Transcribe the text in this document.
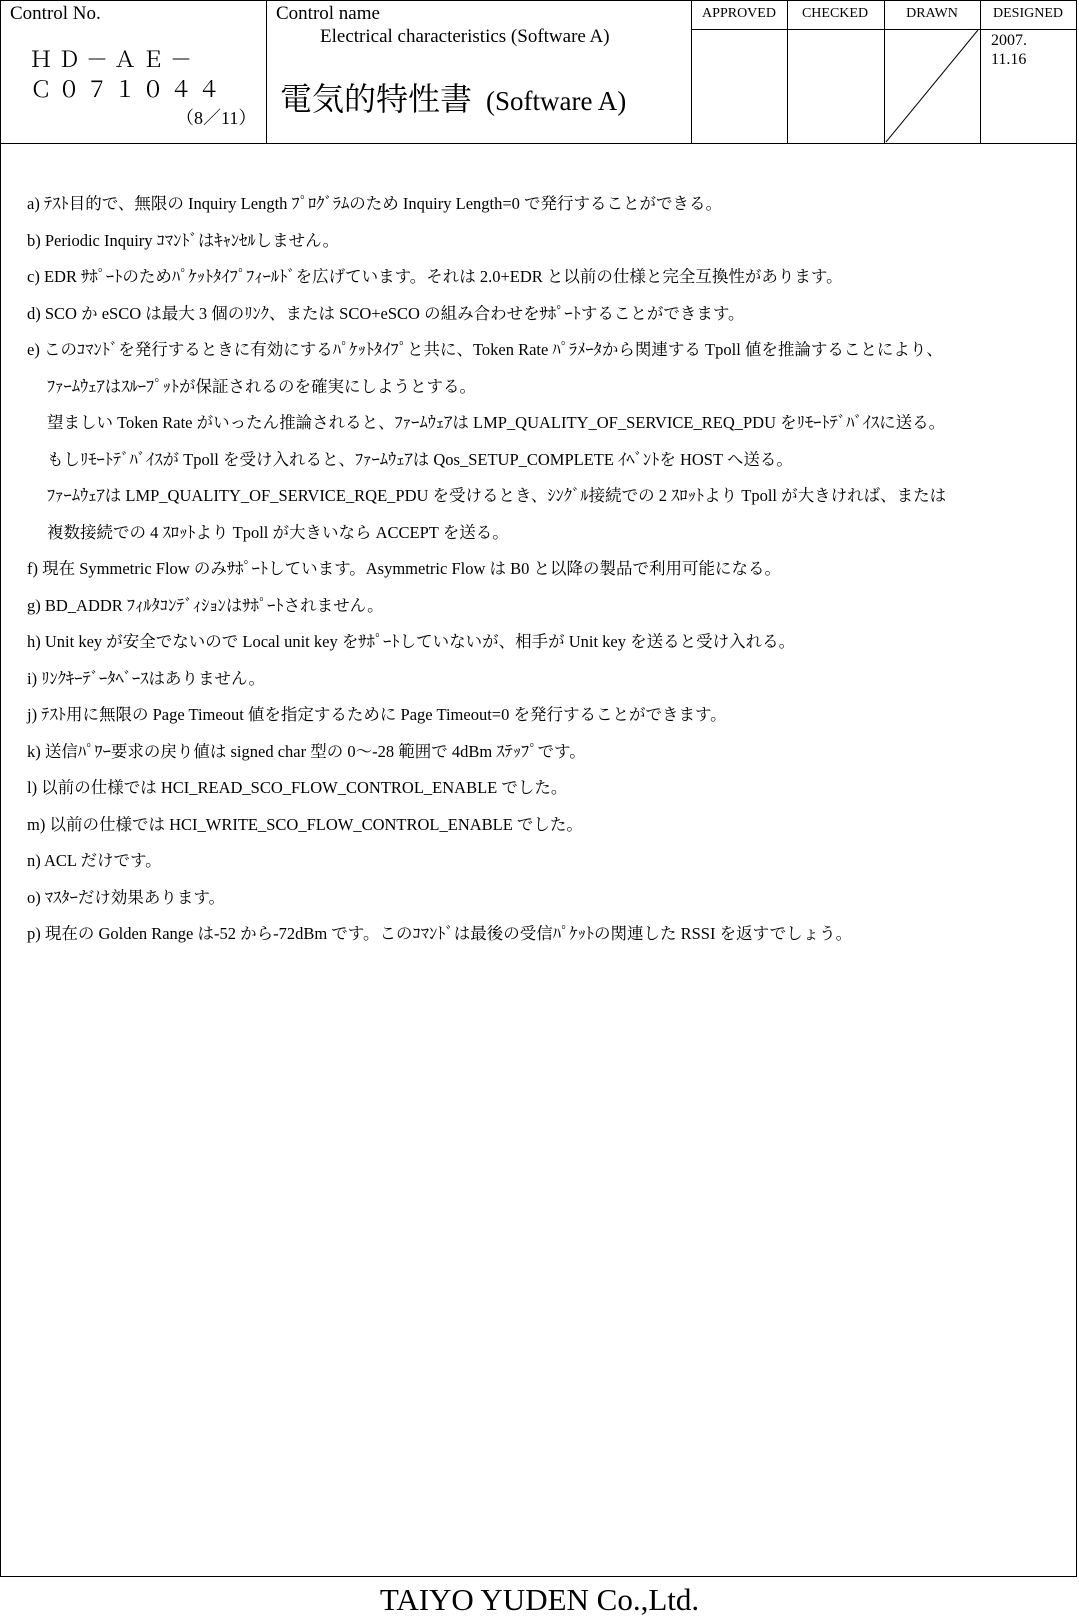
Control No.
ＨＤ－ＡＥ－
Ｃ０７１０４４
（8／11）
Control name
Electrical characteristics (Software A)
電気的特性書 (Software A)
APPROVED	CHECKED	DRAWN	DESIGNED
2007.
11.16
a) ﾃｽﾄ目的で、無限の Inquiry Length ﾌﾟﾛｸﾞﾗﾑのため Inquiry Length=0 で発行することができる。
b) Periodic Inquiry ｺﾏﾝﾄﾞはｷｬﾝｾﾙしません。
c) EDR ｻﾎﾟｰﾄのためﾊﾟｹｯﾄﾀｲﾌﾟﾌｨｰﾙﾄﾞを広げています。それは 2.0+EDR と以前の仕様と完全互換性があります。
d) SCO か eSCO は最大 3 個のﾘﾝｸ、または SCO+eSCO の組み合わせをｻﾎﾟｰﾄすることができます。
e) このｺﾏﾝﾄﾞを発行するときに有効にするﾊﾟｹｯﾄﾀｲﾌﾟと共に、Token Rate ﾊﾟﾗﾒｰﾀから関連する Tpoll 値を推論することにより、
ﾌｧｰﾑｳｪｱはｽﾙｰﾌﾟｯﾄが保証されるのを確実にしようとする。
望ましい Token Rate がいったん推論されると、ﾌｧｰﾑｳｪｱは LMP_QUALITY_OF_SERVICE_REQ_PDU をﾘﾓｰﾄﾃﾞﾊﾞｲｽに送る。
もしﾘﾓｰﾄﾃﾞﾊﾞｲｽが Tpoll を受け入れると、ﾌｧｰﾑｳｪｱは Qos_SETUP_COMPLETE ｲﾍﾞﾝﾄを HOST へ送る。
ﾌｧｰﾑｳｪｱは LMP_QUALITY_OF_SERVICE_RQE_PDU を受けるとき、ｼﾝｸﾞﾙ接続での 2 ｽﾛｯﾄより Tpoll が大きければ、または
複数接続での 4 ｽﾛｯﾄより Tpoll が大きいなら ACCEPT を送る。
f) 現在 Symmetric Flow のみｻﾎﾟｰﾄしています。Asymmetric Flow は B0 と以降の製品で利用可能になる。
g) BD_ADDR ﾌｨﾙﾀｺﾝﾃﾞｨｼｮﾝはｻﾎﾟｰﾄされません。
h) Unit key が安全でないので Local unit key をｻﾎﾟｰﾄしていないが、相手が Unit key を送ると受け入れる。
i) ﾘﾝｸｷｰﾃﾞｰﾀﾍﾞｰｽはありません。
j) ﾃｽﾄ用に無限の Page Timeout 値を指定するために Page Timeout=0 を発行することができます。
k) 送信ﾊﾟﾜｰ要求の戻り値は signed char 型の 0～-28 範囲で 4dBm ｽﾃｯﾌﾟです。
l) 以前の仕様では HCI_READ_SCO_FLOW_CONTROL_ENABLE でした。
m) 以前の仕様では HCI_WRITE_SCO_FLOW_CONTROL_ENABLE でした。
n) ACL だけです。
o) ﾏｽﾀｰだけ効果あります。
p) 現在の Golden Range は-52 から-72dBm です。このｺﾏﾝﾄﾞは最後の受信ﾊﾟｹｯﾄの関連した RSSI を返すでしょう。
TAIYO YUDEN Co.,Ltd.
